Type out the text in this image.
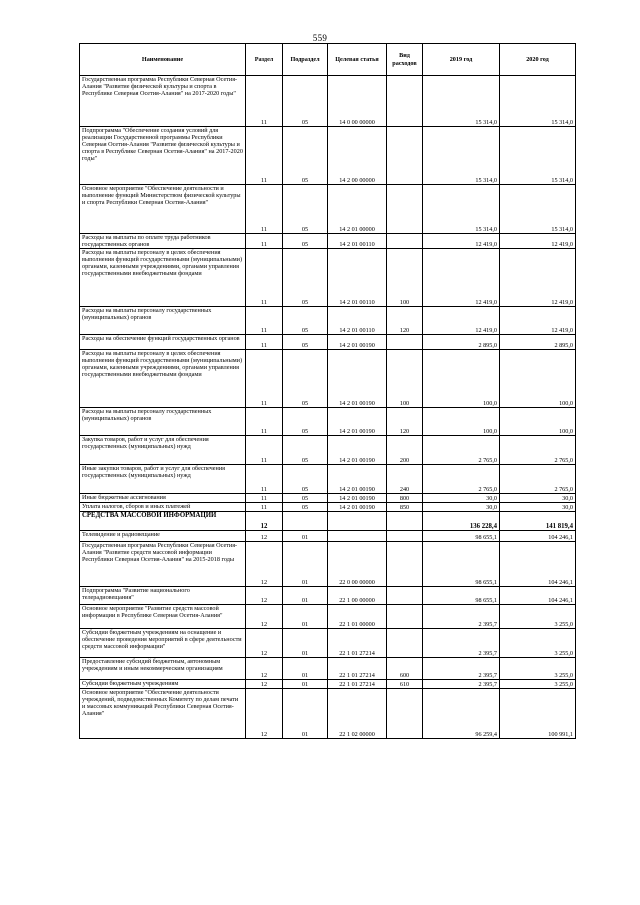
559
Наименование	Раздел	Подраздел	Целевая статья	Вид расходов	2019 год	2020 год
Государственная программа Республики Северная Осетия-Алания "Развитие физической культуры и спорта в Республике Северная Осетия-Алания" на 2017-2020 годы"	11	05	14 0 00 00000		15 314,0	15 314,0
Подпрограмма "Обеспечение создания условий для реализации Государственной программы Республики Северная Осетия-Алания "Развитие физической культуры и спорта в Республике Северная Осетия-Алания" на 2017-2020 годы"	11	05	14 2 00 00000		15 314,0	15 314,0
Основное мероприятие "Обеспечение деятельности и выполнение функций Министерством физической культуры и спорта Республики Северная Осетия-Алания"	11	05	14 2 01 00000		15 314,0	15 314,0
Расходы на выплаты по оплате труда работников государственных органов	11	05	14 2 01 00110		12 419,0	12 419,0
Расходы на выплаты персоналу в целях обеспечения выполнения функций государственными (муниципальными) органами, казенными учреждениями, органами управления государственными внебюджетными фондами	11	05	14 2 01 00110	100	12 419,0	12 419,0
Расходы на выплаты персоналу государственных (муниципальных) органов	11	05	14 2 01 00110	120	12 419,0	12 419,0
Расходы на обеспечение функций государственных органов	11	05	14 2 01 00190		2 895,0	2 895,0
Расходы на выплаты персоналу в целях обеспечения выполнения функций государственными (муниципальными) органами, казенными учреждениями, органами управления государственными внебюджетными фондами	11	05	14 2 01 00190	100	100,0	100,0
Расходы на выплаты персоналу государственных (муниципальных) органов	11	05	14 2 01 00190	120	100,0	100,0
Закупка товаров, работ и услуг для обеспечения государственных (муниципальных) нужд	11	05	14 2 01 00190	200	2 765,0	2 765,0
Иные закупки товаров, работ и услуг для обеспечения государственных (муниципальных) нужд	11	05	14 2 01 00190	240	2 765,0	2 765,0
Иные бюджетные ассигнования	11	05	14 2 01 00190	800	30,0	30,0
Уплата налогов, сборов и иных платежей	11	05	14 2 01 00190	850	30,0	30,0
СРЕДСТВА МАССОВОЙ ИНФОРМАЦИИ	12				136 228,4	141 819,4
Телевидение и радиовещание	12	01			98 655,1	104 246,1
Государственная программа Республики Северная Осетия-Алания "Развитие средств массовой информации Республики Северная Осетия-Алания" на 2015-2018 годы	12	01	22 0 00 00000		98 655,1	104 246,1
Подпрограмма "Развитие национального телерадиовещания"	12	01	22 1 00 00000		98 655,1	104 246,1
Основное мероприятие "Развитие средств массовой информации в Республике Северная Осетия-Алания"	12	01	22 1 01 00000		2 395,7	3 255,0
Субсидии бюджетным учреждениям на оснащение и обеспечение проведения мероприятий в сфере деятельности средств массовой информации"	12	01	22 1 01 27214		2 395,7	3 255,0
Предоставление субсидий бюджетным, автономным учреждениям и иным некоммерческим организациям	12	01	22 1 01 27214	600	2 395,7	3 255,0
Субсидии бюджетным учреждениям	12	01	22 1 01 27214	610	2 395,7	3 255,0
Основное мероприятие "Обеспечение деятельности учреждений, подведомственных Комитету по делам печати и массовых коммуникаций Республики Северная Осетия-Алания"	12	01	22 1 02 00000		96 259,4	100 991,1
